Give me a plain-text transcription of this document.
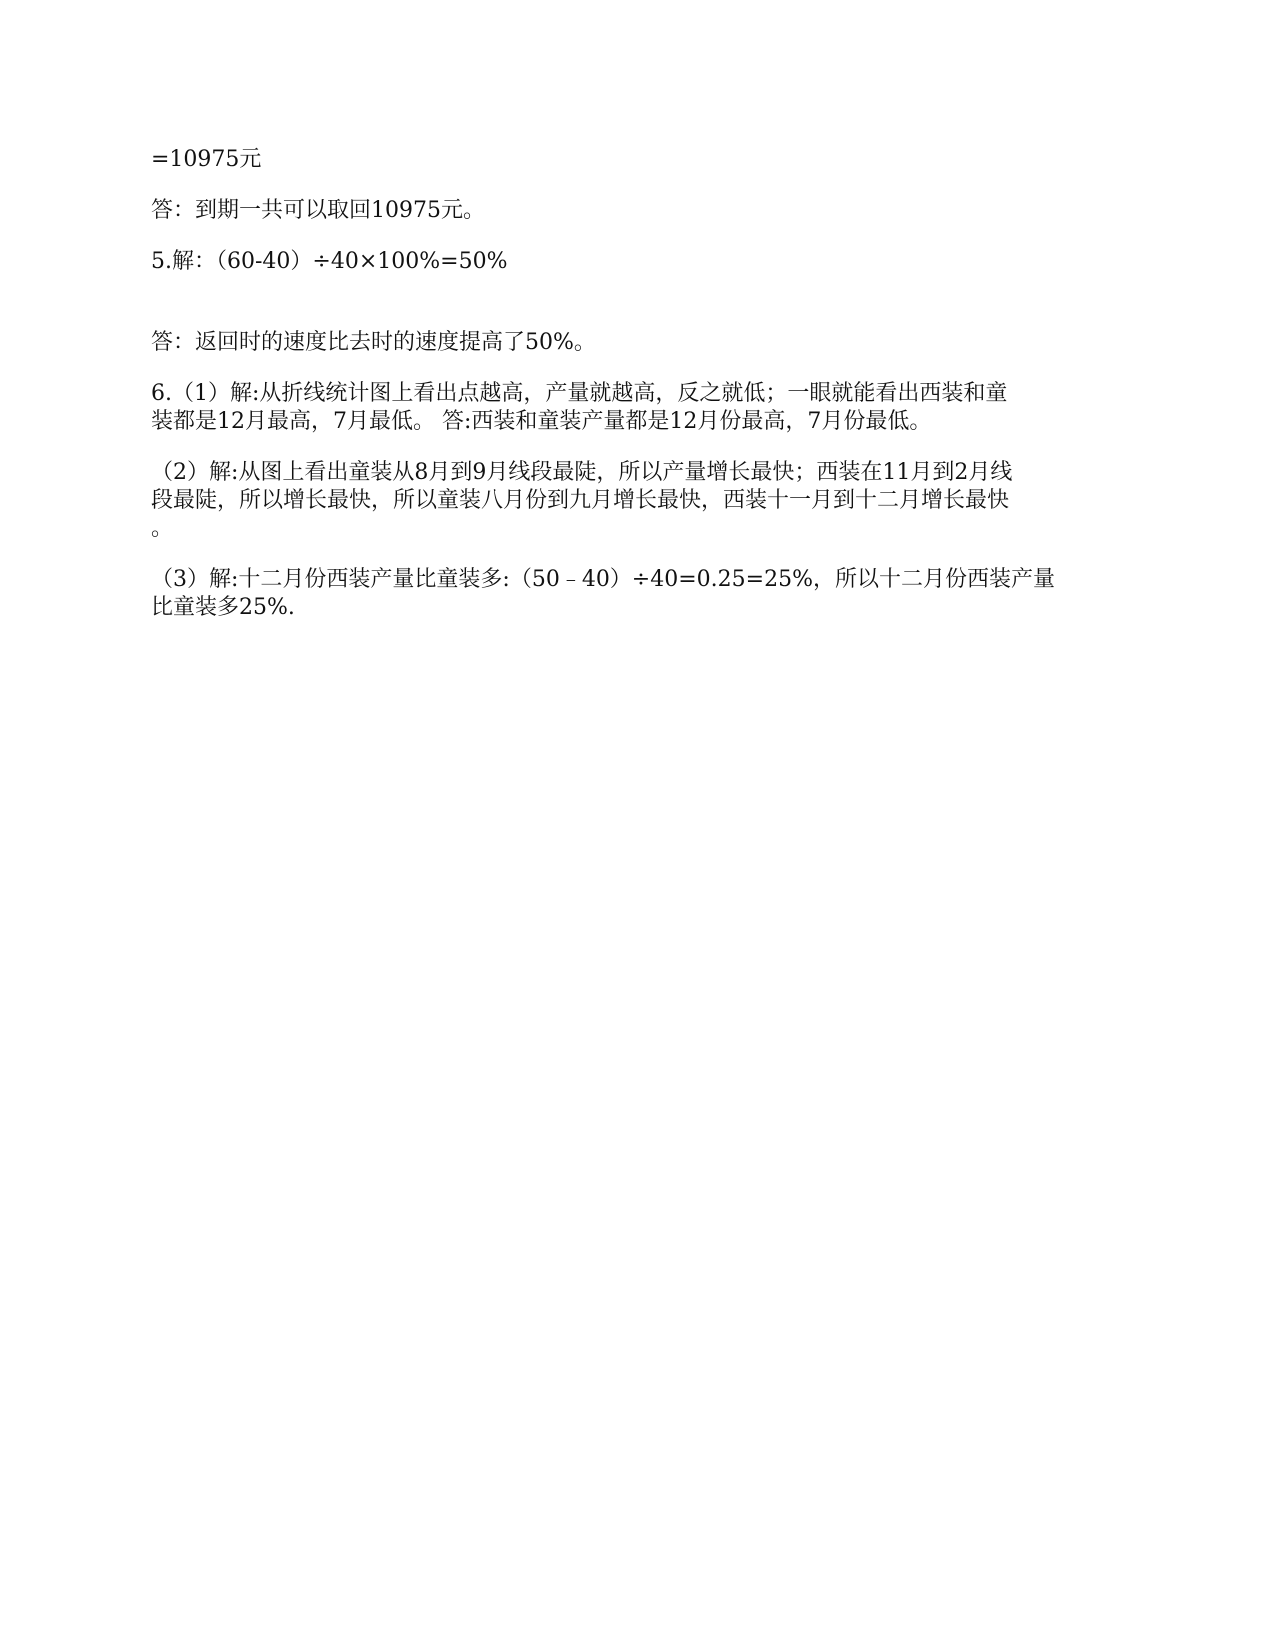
=10975元

答：到期一共可以取回10975元。

5.解：（60-40）÷40×100%=50%

答：返回时的速度比去时的速度提高了50%。

6.（1）解:从折线统计图上看出点越高，产量就越高，反之就低；一眼就能看出西装和童
装都是12月最高，7月最低。 答:西装和童装产量都是12月份最高，7月份最低。

（2）解:从图上看出童装从8月到9月线段最陡，所以产量增长最快；西装在11月到2月线
段最陡，所以增长最快，所以童装八月份到九月增长最快，西装十一月到十二月增长最快
。

（3）解:十二月份西装产量比童装多:（50﹣40）÷40=0.25=25%，所以十二月份西装产量
比童装多25%.
